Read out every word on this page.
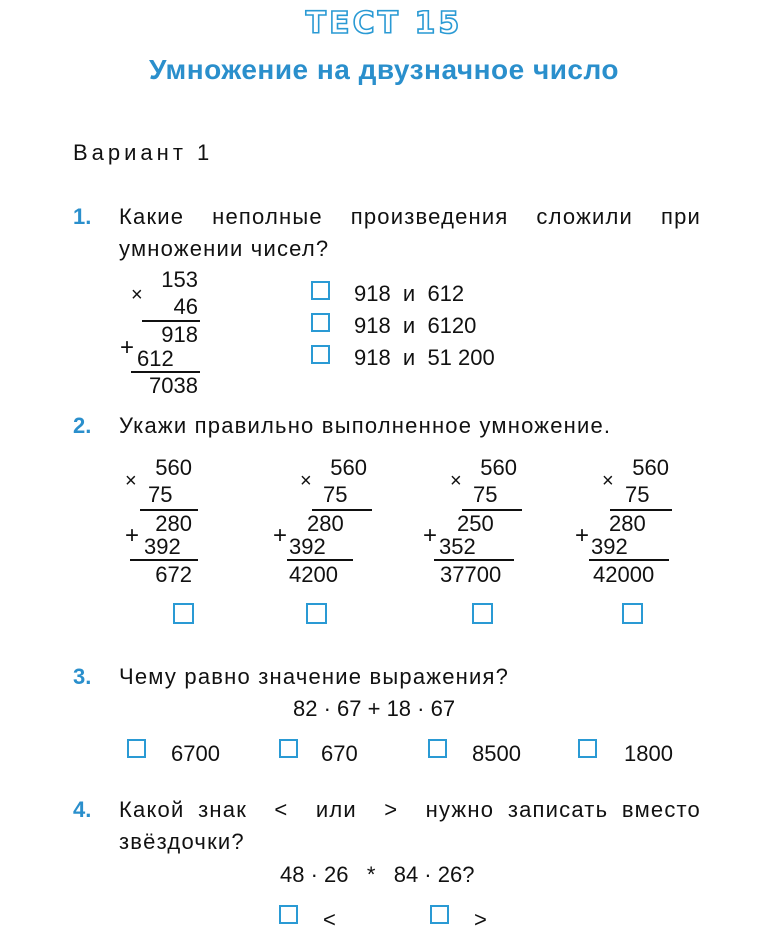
ТЕСТ 15
Умножение на двузначное число
Вариант 1
1. Какие неполные произведения сложили при
умножении чисел?
×
153
46
+	918
612
7038
918  и  612
918  и  6120
918  и  51 200
2. Укажи правильно выполненное умножение.
×
560
75
+ 280
392
672
×
560
75
+ 280
392
4200
×
560
75
+ 250
352
37700
×
560
75
+ 280
392
42000
3. Чему равно значение выражения?
82 · 67 + 18 · 67
6700	670	8500	1800
4. Какой знак  <  или  >  нужно записать вместо
звёздочки?
48 · 26   *   84 · 26?
<	>
